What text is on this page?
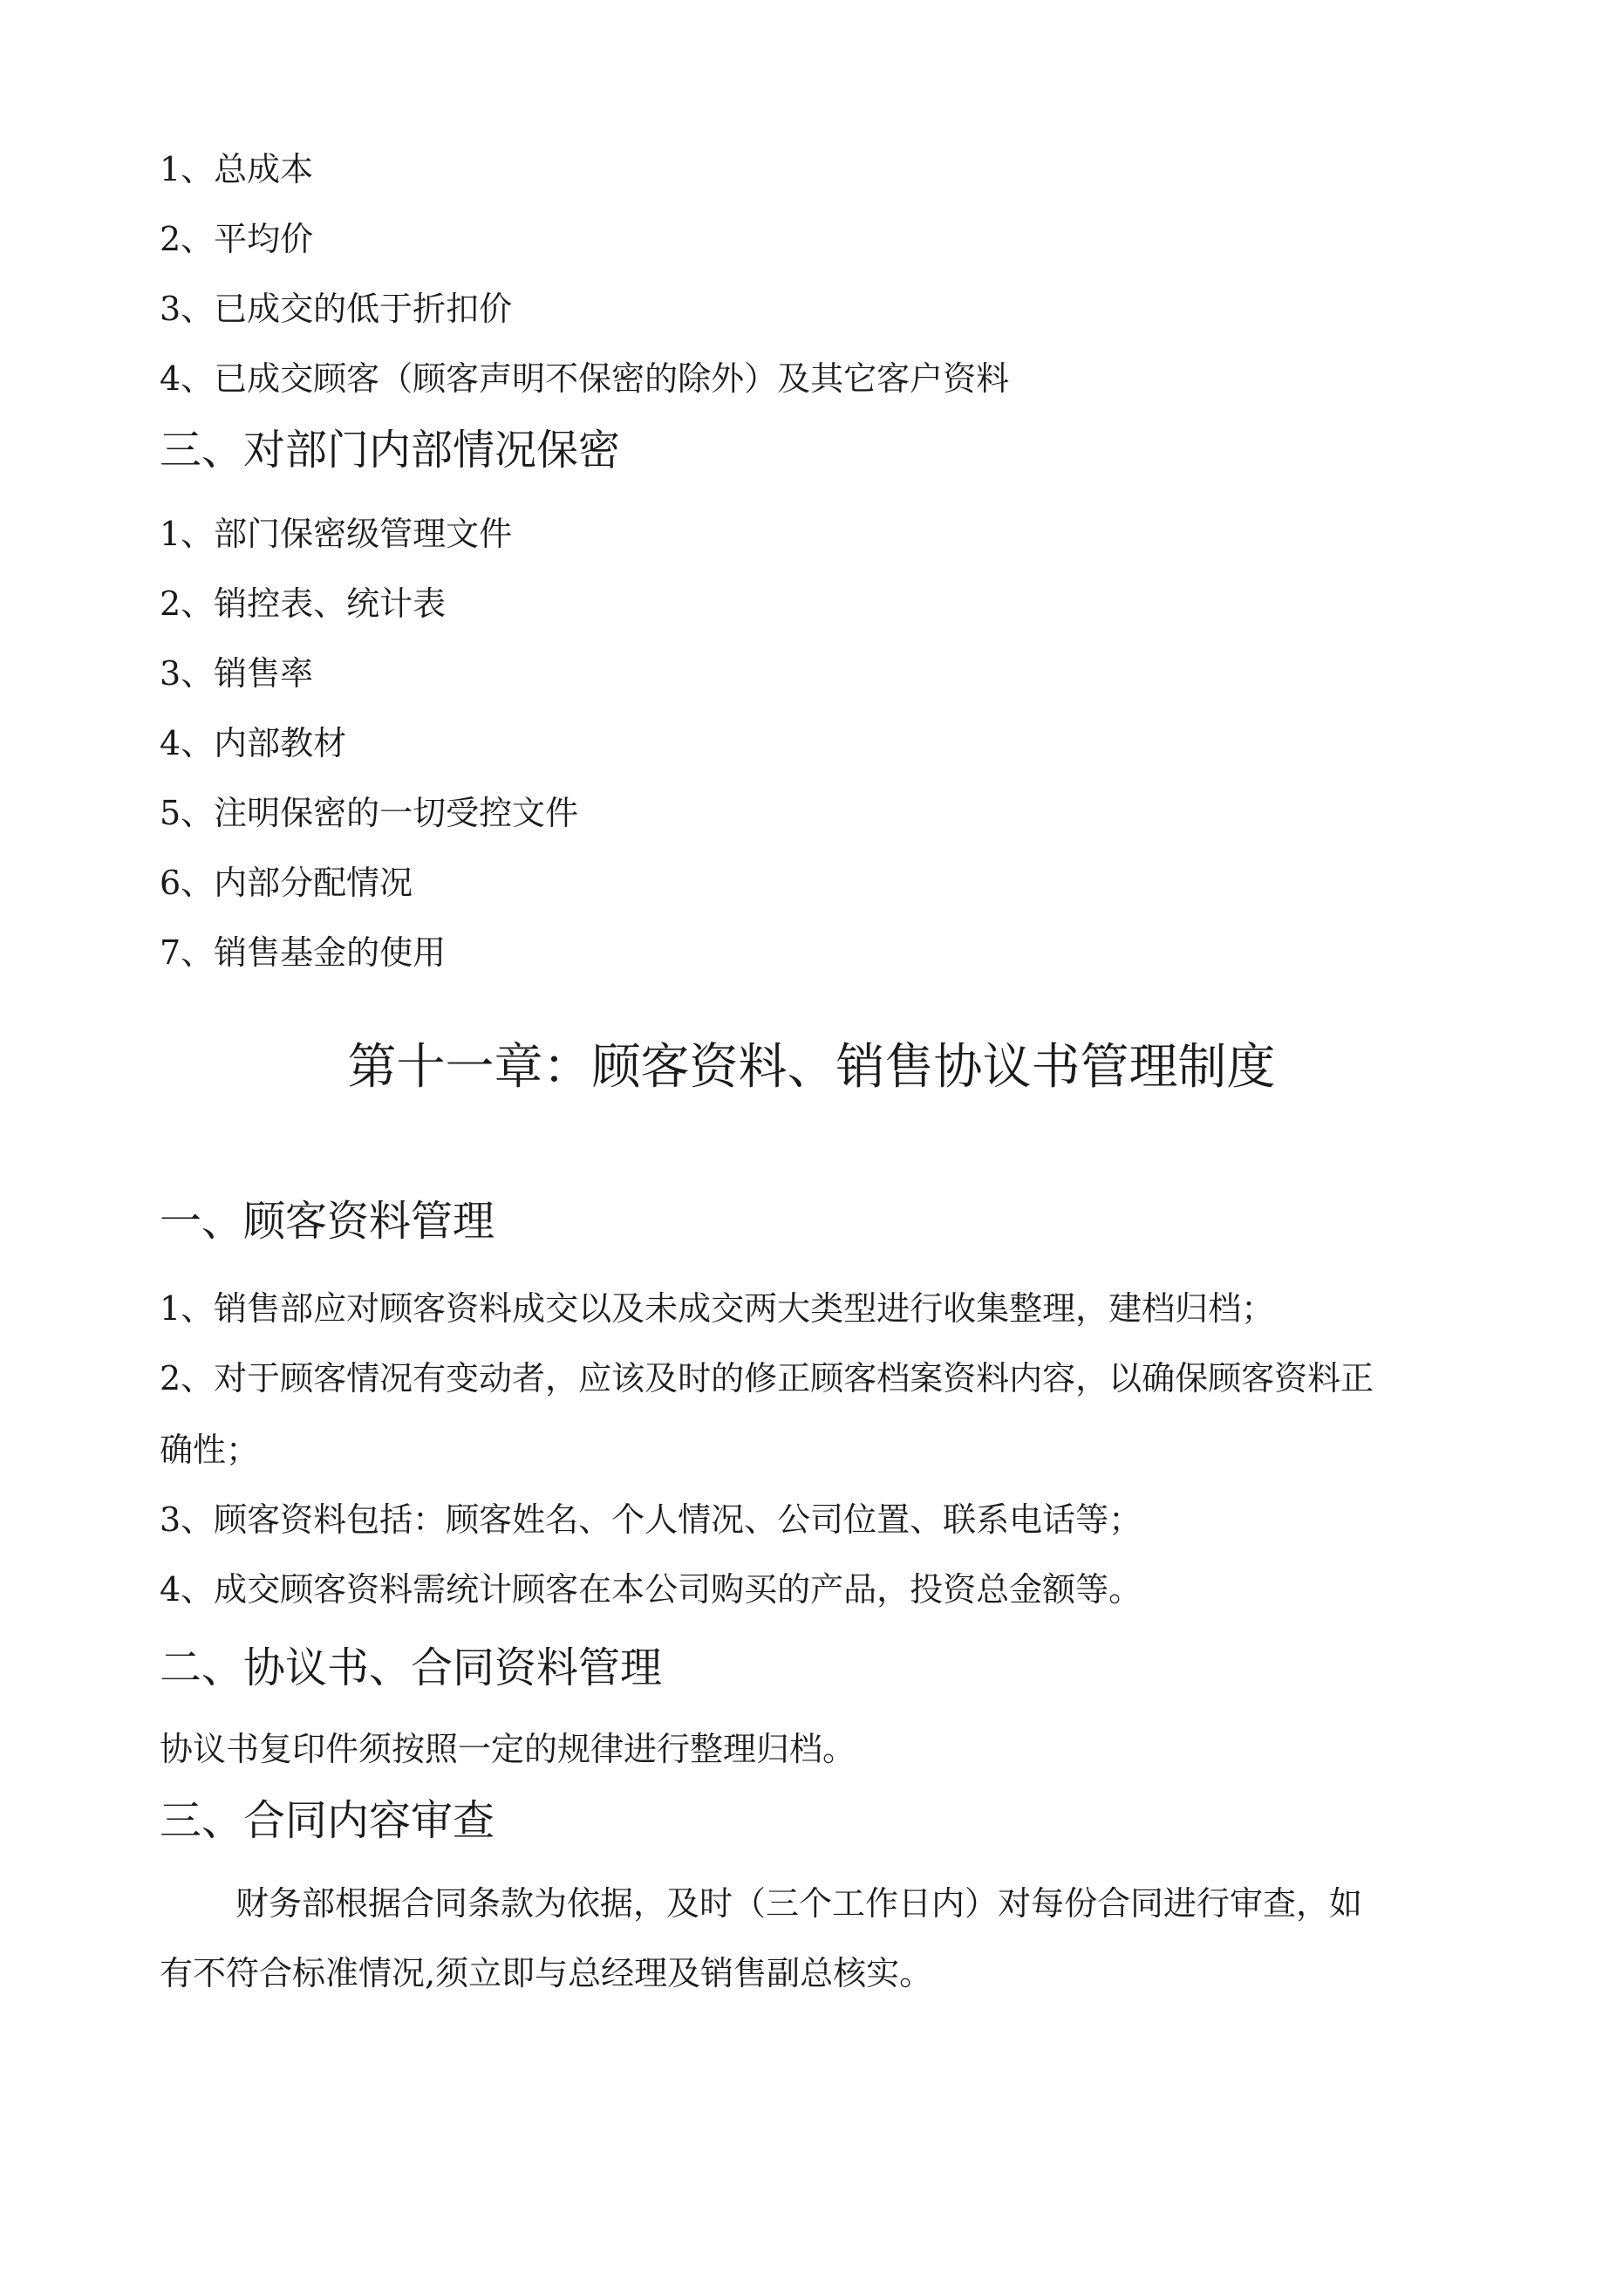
1、总成本
2、平均价
3、已成交的低于折扣价
4、已成交顾客（顾客声明不保密的除外）及其它客户资料
三、对部门内部情况保密
1、部门保密级管理文件
2、销控表、统计表
3、销售率
4、内部教材
5、注明保密的一切受控文件
6、内部分配情况
7、销售基金的使用
第十一章：顾客资料、销售协议书管理制度
一、顾客资料管理
1、销售部应对顾客资料成交以及未成交两大类型进行收集整理，建档归档；
2、对于顾客情况有变动者，应该及时的修正顾客档案资料内容，以确保顾客资料正
确性；
3、顾客资料包括：顾客姓名、个人情况、公司位置、联系电话等；
4、成交顾客资料需统计顾客在本公司购买的产品，投资总金额等。
二、协议书、合同资料管理
协议书复印件须按照一定的规律进行整理归档。
三、合同内容审查
财务部根据合同条款为依据，及时（三个工作日内）对每份合同进行审查，如
有不符合标准情况,须立即与总经理及销售副总核实。
